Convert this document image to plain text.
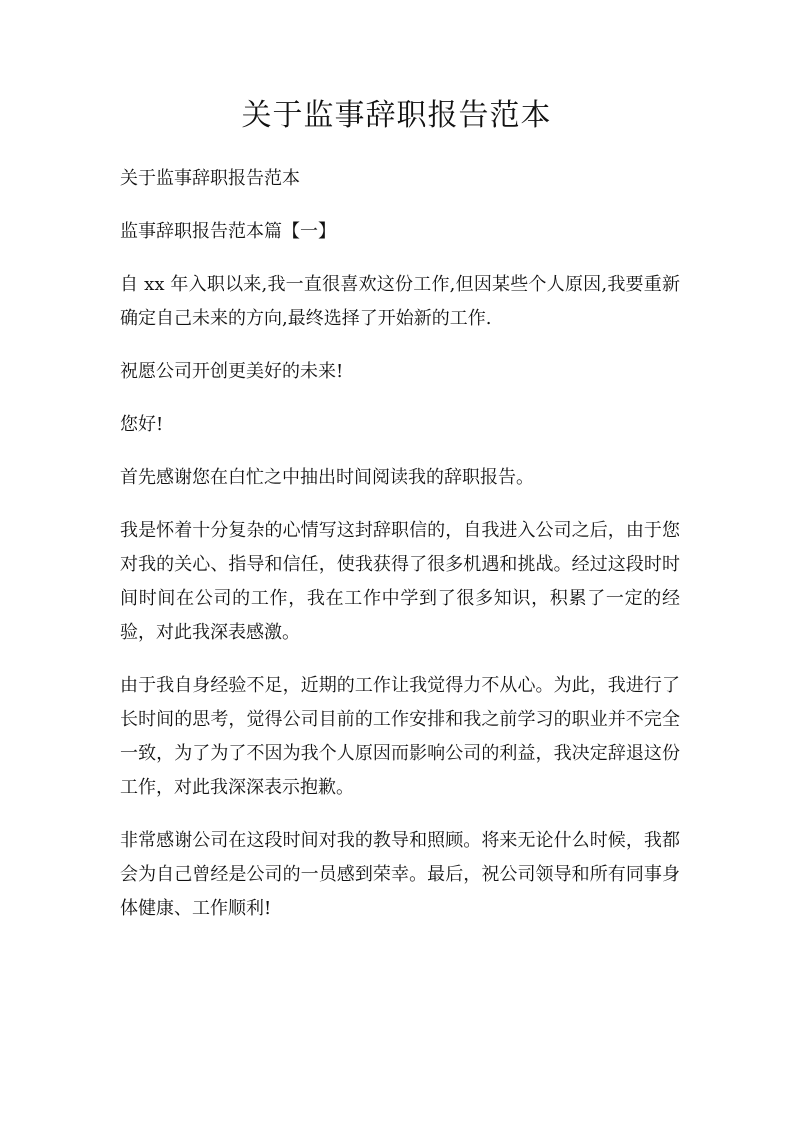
关于监事辞职报告范本

关于监事辞职报告范本

监事辞职报告范本篇【一】

自 xx 年入职以来,我一直很喜欢这份工作,但因某些个人原因,我要重新确定自己未来的方向,最终选择了开始新的工作.

祝愿公司开创更美好的未来!

您好!

首先感谢您在白忙之中抽出时间阅读我的辞职报告。

我是怀着十分复杂的心情写这封辞职信的，自我进入公司之后，由于您对我的关心、指导和信任，使我获得了很多机遇和挑战。经过这段时时间时间在公司的工作，我在工作中学到了很多知识，积累了一定的经验，对此我深表感激。

由于我自身经验不足，近期的工作让我觉得力不从心。为此，我进行了长时间的思考，觉得公司目前的工作安排和我之前学习的职业并不完全一致，为了为了不因为我个人原因而影响公司的利益，我决定辞退这份工作，对此我深深表示抱歉。

非常感谢公司在这段时间对我的教导和照顾。将来无论什么时候，我都会为自己曾经是公司的一员感到荣幸。最后，祝公司领导和所有同事身体健康、工作顺利!
